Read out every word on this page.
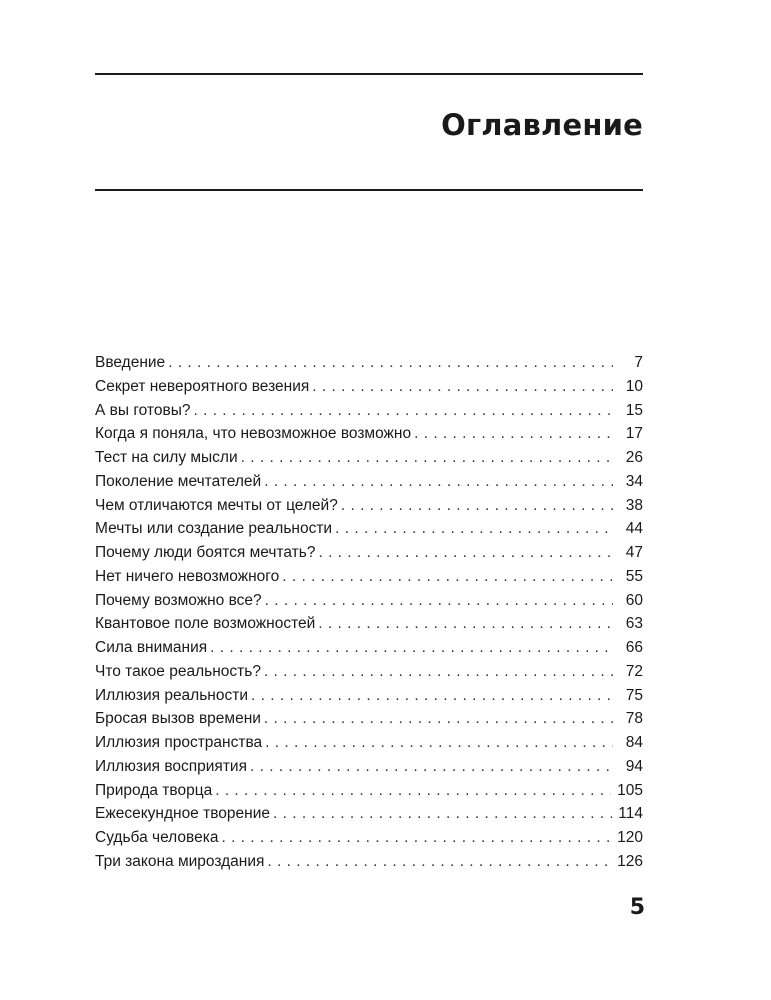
Оглавление
Введение . . .	7
Секрет невероятного везения . . .	10
А вы готовы? . . .	15
Когда я поняла, что невозможное возможно . . .	17
Тест на силу мысли . . .	26
Поколение мечтателей . . .	34
Чем отличаются мечты от целей? . . .	38
Мечты или создание реальности . . .	44
Почему люди боятся мечтать? . . .	47
Нет ничего невозможного . . .	55
Почему возможно все? . . .	60
Квантовое поле возможностей . . .	63
Сила внимания . . .	66
Что такое реальность? . . .	72
Иллюзия реальности . . .	75
Бросая вызов времени . . .	78
Иллюзия пространства . . .	84
Иллюзия восприятия . . .	94
Природа творца . . .	105
Ежесекундное творение . . .	114
Судьба человека . . .	120
Три закона мироздания . . .	126
5
